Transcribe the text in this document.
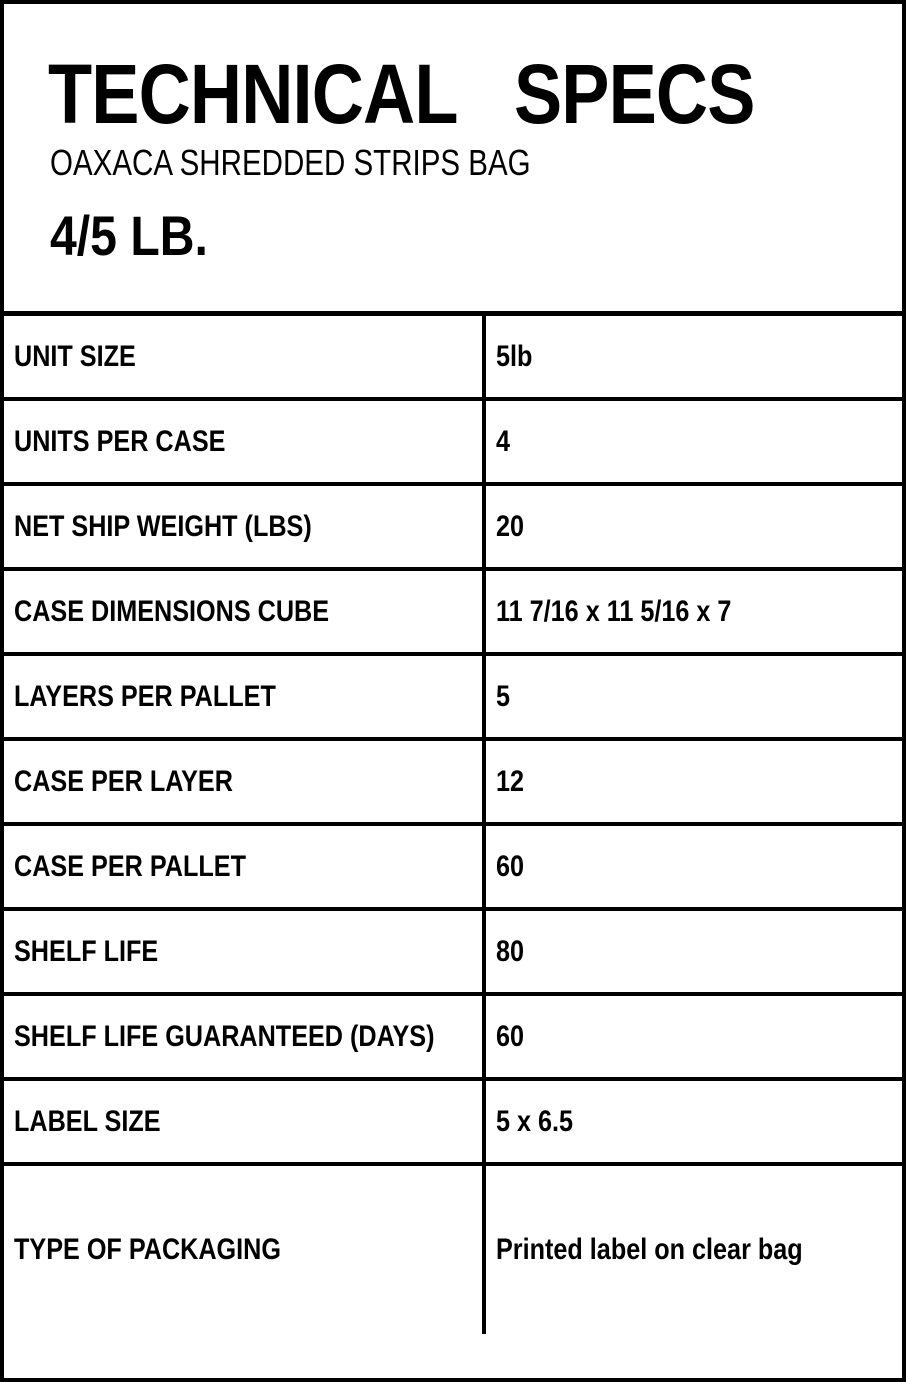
TECHNICAL   SPECS
OAXACA SHREDDED STRIPS BAG
4/5 LB.
UNIT SIZE	5lb
UNITS PER CASE	4
NET SHIP WEIGHT (LBS)	20
CASE DIMENSIONS CUBE	11 7/16 x 11 5/16 x 7
LAYERS PER PALLET	5
CASE PER LAYER	12
CASE PER PALLET	60
SHELF LIFE	80
SHELF LIFE GUARANTEED (DAYS)	60
LABEL SIZE	5 x 6.5
TYPE OF PACKAGING	Printed label on clear bag
